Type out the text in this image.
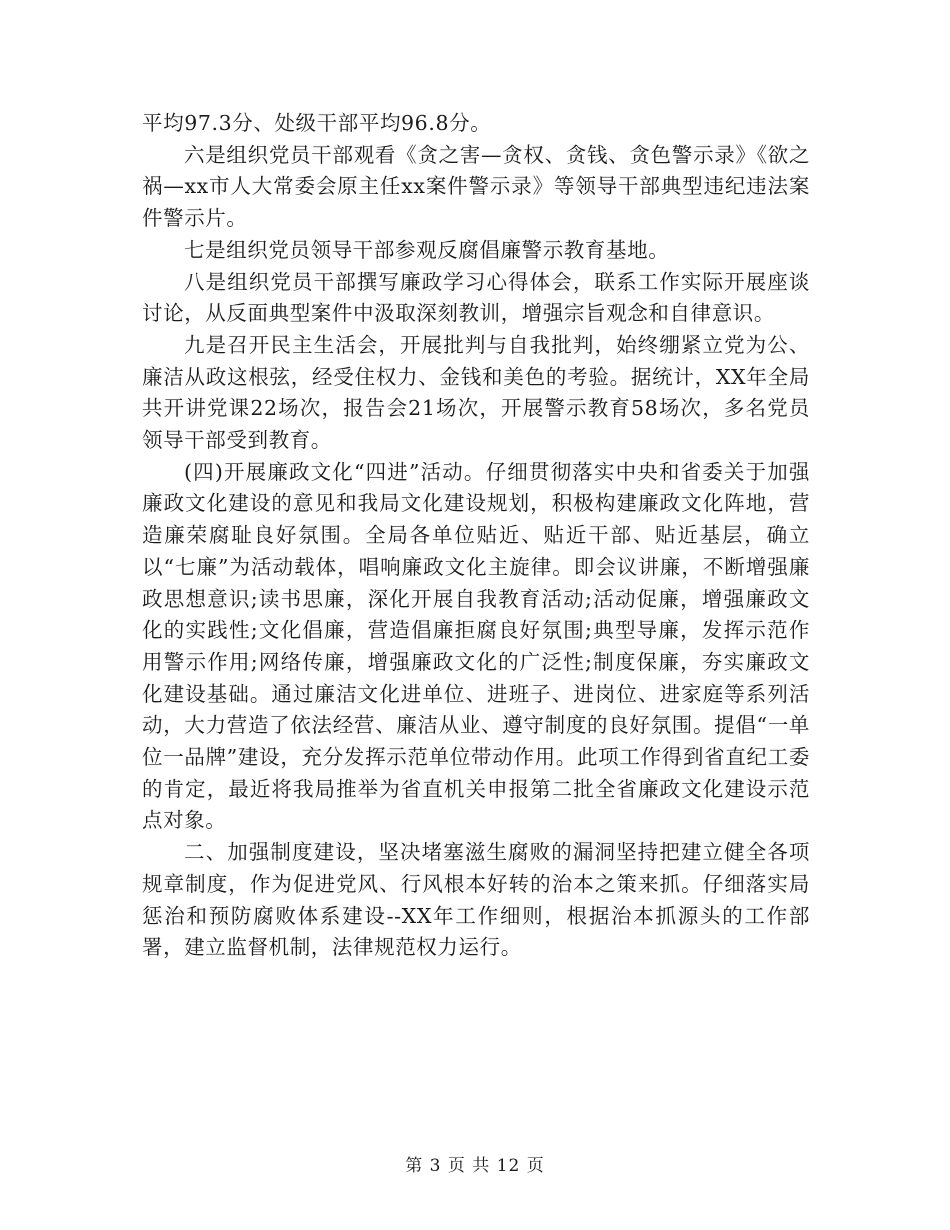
平均97.3分、处级干部平均96.8分。

六是组织党员干部观看《贪之害—贪权、贪钱、贪色警示录》《欲之祸—xx市人大常委会原主任xx案件警示录》等领导干部典型违纪违法案件警示片。

七是组织党员领导干部参观反腐倡廉警示教育基地。

八是组织党员干部撰写廉政学习心得体会，联系工作实际开展座谈讨论，从反面典型案件中汲取深刻教训，增强宗旨观念和自律意识。

九是召开民主生活会，开展批判与自我批判，始终绷紧立党为公、廉洁从政这根弦，经受住权力、金钱和美色的考验。据统计，XX年全局共开讲党课22场次，报告会21场次，开展警示教育58场次，多名党员领导干部受到教育。

(四)开展廉政文化“四进”活动。仔细贯彻落实中央和省委关于加强廉政文化建设的意见和我局文化建设规划，积极构建廉政文化阵地，营造廉荣腐耻良好氛围。全局各单位贴近、贴近干部、贴近基层，确立以“七廉”为活动载体，唱响廉政文化主旋律。即会议讲廉，不断增强廉政思想意识;读书思廉，深化开展自我教育活动;活动促廉，增强廉政文化的实践性;文化倡廉，营造倡廉拒腐良好氛围;典型导廉，发挥示范作用警示作用;网络传廉，增强廉政文化的广泛性;制度保廉，夯实廉政文化建设基础。通过廉洁文化进单位、进班子、进岗位、进家庭等系列活动，大力营造了依法经营、廉洁从业、遵守制度的良好氛围。提倡“一单位一品牌”建设，充分发挥示范单位带动作用。此项工作得到省直纪工委的肯定，最近将我局推举为省直机关申报第二批全省廉政文化建设示范点对象。

二、加强制度建设，坚决堵塞滋生腐败的漏洞坚持把建立健全各项规章制度，作为促进党风、行风根本好转的治本之策来抓。仔细落实局惩治和预防腐败体系建设--XX年工作细则，根据治本抓源头的工作部署，建立监督机制，法律规范权力运行。

第 3 页 共 12 页
